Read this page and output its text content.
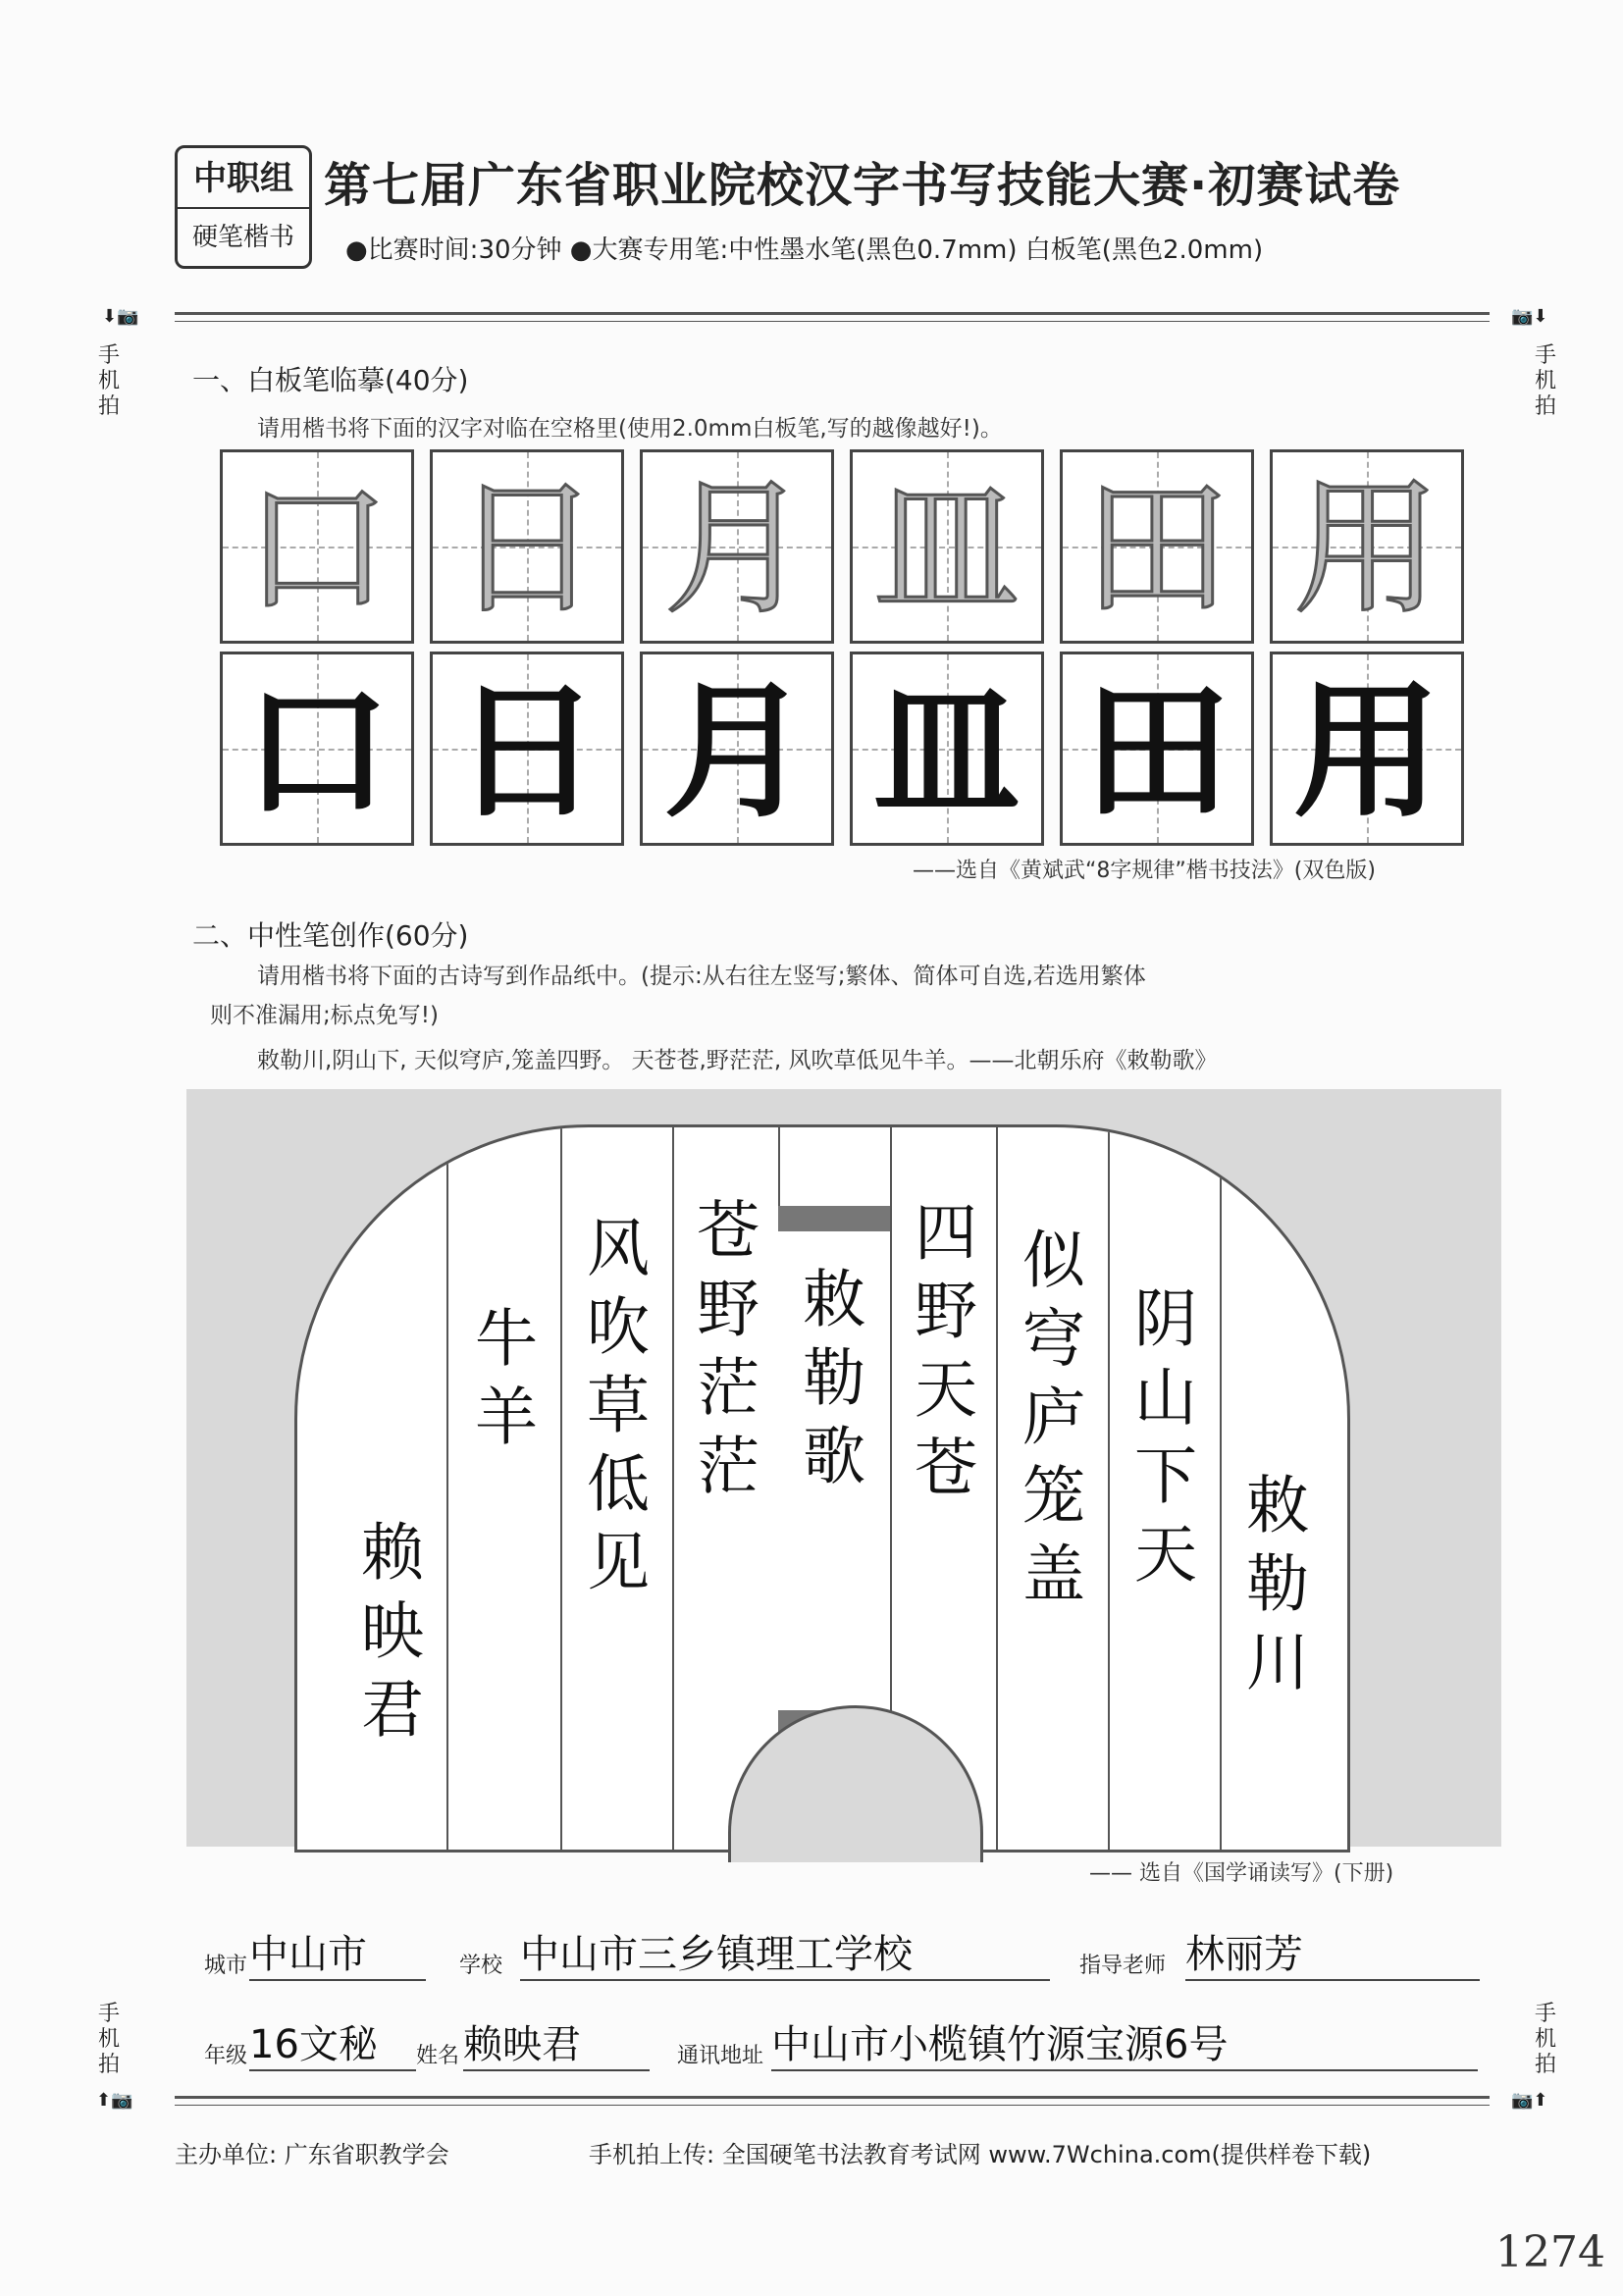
中职组
硬笔楷书
第七届广东省职业院校汉字书写技能大赛·初赛试卷
●比赛时间:30分钟 ●大赛专用笔:中性墨水笔(黑色0.7mm) 白板笔(黑色2.0mm)
⬇📷	📷⬇
手机拍
手机拍
一、白板笔临摹(40分)
请用楷书将下面的汉字对临在空格里(使用2.0mm白板笔,写的越像越好!)。
口 日 月 皿 田 用
口 日 月 皿 田 用
——选自《黄斌武“8字规律”楷书技法》(双色版)
二、中性笔创作(60分)
请用楷书将下面的古诗写到作品纸中。(提示:从右往左竖写;繁体、简体可自选,若选用繁体
则不准漏用;标点免写!)
敕勒川,阴山下, 天似穹庐,笼盖四野。 天苍苍,野茫茫, 风吹草低见牛羊。——北朝乐府《敕勒歌》
敕勒川
阴山下天
似穹庐笼盖
四野天苍
敕勒歌
苍野茫茫
风吹草低见
牛羊
赖映君
—— 选自《国学诵读写》(下册)
城市 中山市	学校 中山市三乡镇理工学校	指导老师 林丽芳
年级 16文秘	姓名 赖映君	通讯地址 中山市小榄镇竹源宝源6号
手机拍
手机拍
⬆📷	📷⬆
主办单位: 广东省职教学会	手机拍上传: 全国硬笔书法教育考试网 www.7Wchina.com(提供样卷下载)
1274
